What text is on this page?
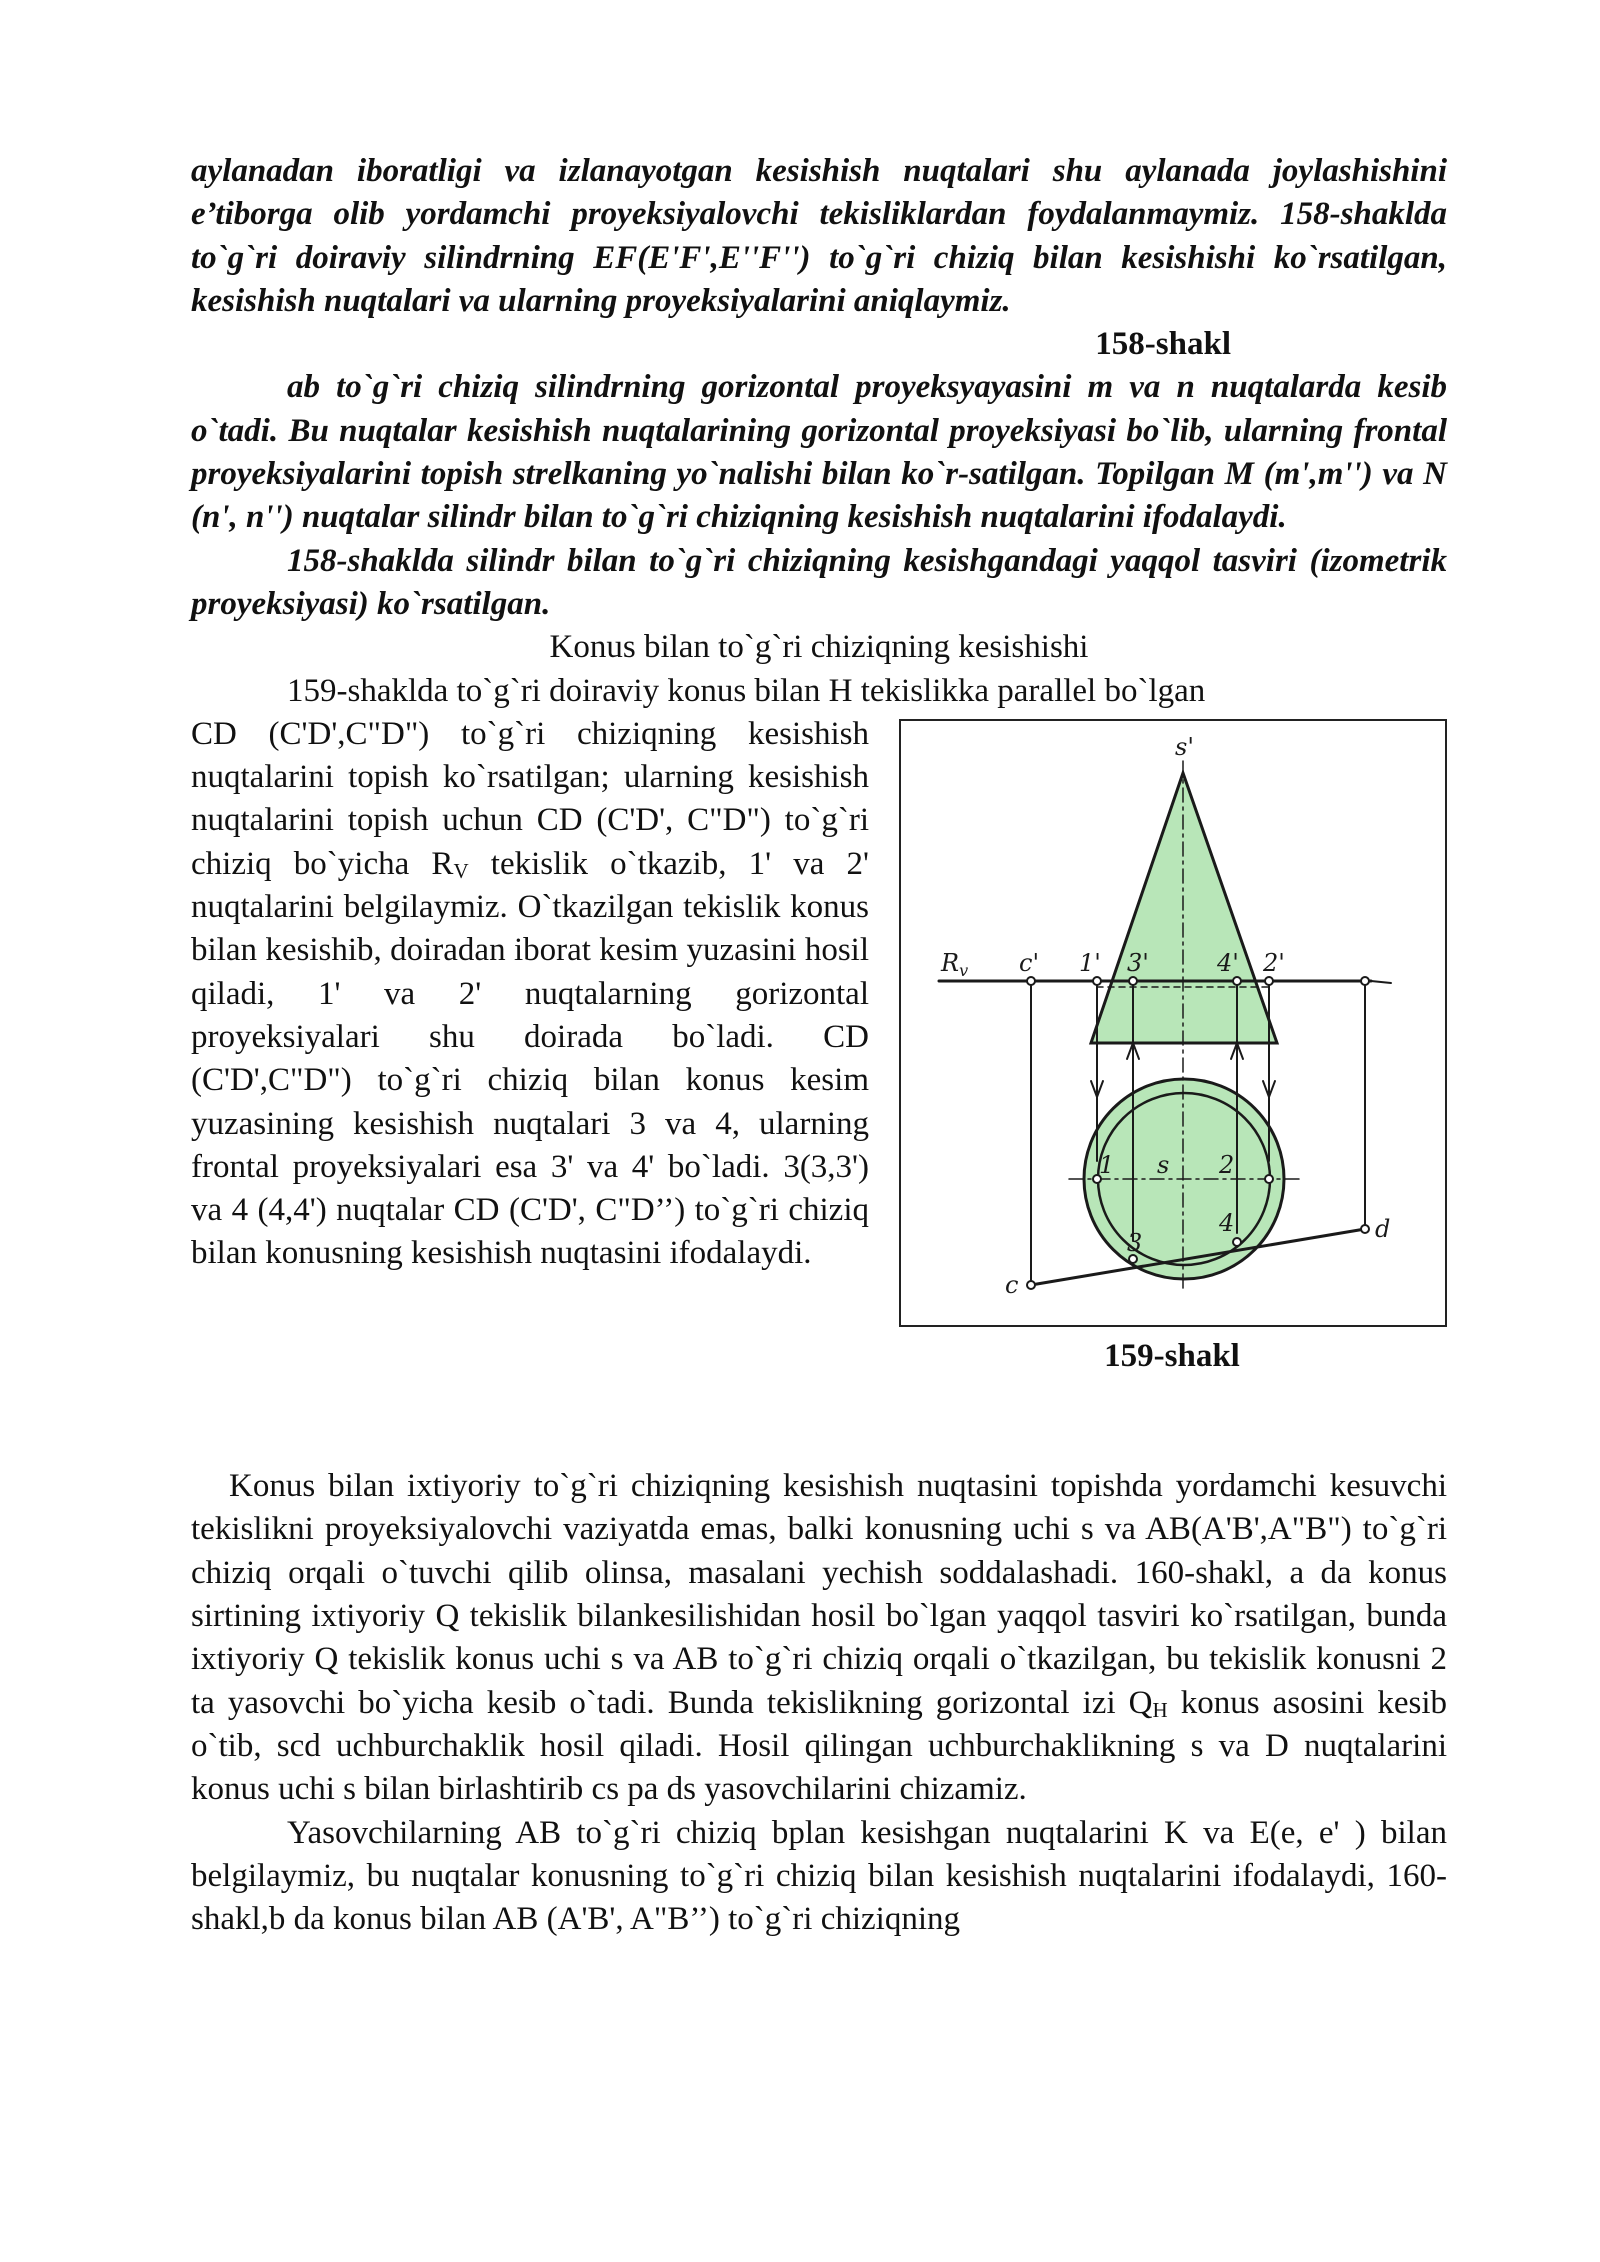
aylanadan iboratligi va izlanayotgan kesishish nuqtalari shu aylanada joylashishini e’tiborga olib yordamchi proyeksiyalovchi tekisliklardan foydalanmaymiz. 158-shaklda to`g`ri doiraviy silindrning EF(E'F',E''F'') to`g`ri chiziq bilan kesishishi ko`rsatilgan, kesishish nuqtalari va ularning proyeksiyalarini aniqlaymiz.

158-shakl

ab to`g`ri chiziq silindrning gorizontal proyeksyayasini m va n nuqtalarda kesib o`tadi. Bu nuqtalar kesishish nuqtalarining gorizontal proyeksiyasi bo`lib, ularning frontal proyeksiyalarini topish strelkaning yo`nalishi bilan ko`r-satilgan. Topilgan M (m',m'') va N (n', n'') nuqtalar silindr bilan to`g`ri chiziqning kesishish nuqtalarini ifodalaydi.

158-shaklda silindr bilan to`g`ri chiziqning kesishgandagi yaqqol tasviri (izometrik proyeksiyasi) ko`rsatilgan.

Konus bilan to`g`ri chiziqning kesishishi

159-shaklda to`g`ri doiraviy konus bilan H tekislikka parallel bo`lgan

s'
$R_v$ c' 1' 3'	4' 2'
1 s 2
3
4
c
d

CD (C'D',C"D") to`g`ri chiziqning kesishish nuqtalarini topish ko`rsatilgan; ularning kesishish nuqtalarini topish uchun CD (C'D', C"D") to`g`ri chiziq bo`yicha $R_V$ tekislik o`tkazib, 1' va 2' nuqtalarini belgilaymiz. O`tkazilgan tekislik konus bilan kesishib, doiradan iborat kesim yuzasini hosil qiladi, 1' va 2' nuqtalarning gorizontal proyeksiyalari shu doirada bo`ladi. CD (C'D',C"D") to`g`ri chiziq bilan konus kesim yuzasining kesishish nuqtalari 3 va 4, ularning frontal proyeksiyalari esa 3' va 4' bo`ladi. 3(3,3') va 4 (4,4') nuqtalar CD (C'D', C"D’’) to`g`ri chiziq bilan konusning kesishish nuqtasini ifodalaydi.

159-shakl

Konus bilan ixtiyoriy to`g`ri chiziqning kesishish nuqtasini topishda yordamchi kesuvchi tekislikni proyeksiyalovchi vaziyatda emas, balki konusning uchi s va AB(A'B',A"B") to`g`ri chiziq orqali o`tuvchi qilib olinsa, masalani yechish soddalashadi. 160-shakl, a da konus sirtining ixtiyoriy Q tekislik bilankesilishidan hosil bo`lgan yaqqol tasviri ko`rsatilgan, bunda ixtiyoriy Q tekislik konus uchi s va AB to`g`ri chiziq orqali o`tkazilgan, bu tekislik konusni 2 ta yasovchi bo`yicha kesib o`tadi. Bunda tekislikning gorizontal izi $Q_H$ konus asosini kesib o`tib, scd uchburchaklik hosil qiladi. Hosil qilingan uchburchaklikning s va D nuqtalarini konus uchi s bilan birlashtirib cs pa ds yasovchilarini chizamiz.

Yasovchilarning AB to`g`ri chiziq bplan kesishgan nuqtalarini K va E(e, e' ) bilan belgilaymiz, bu nuqtalar konusning to`g`ri chiziq bilan kesishish nuqtalarini ifodalaydi, 160-shakl,b da konus bilan AB (A'B', A"B’’) to`g`ri chiziqning
